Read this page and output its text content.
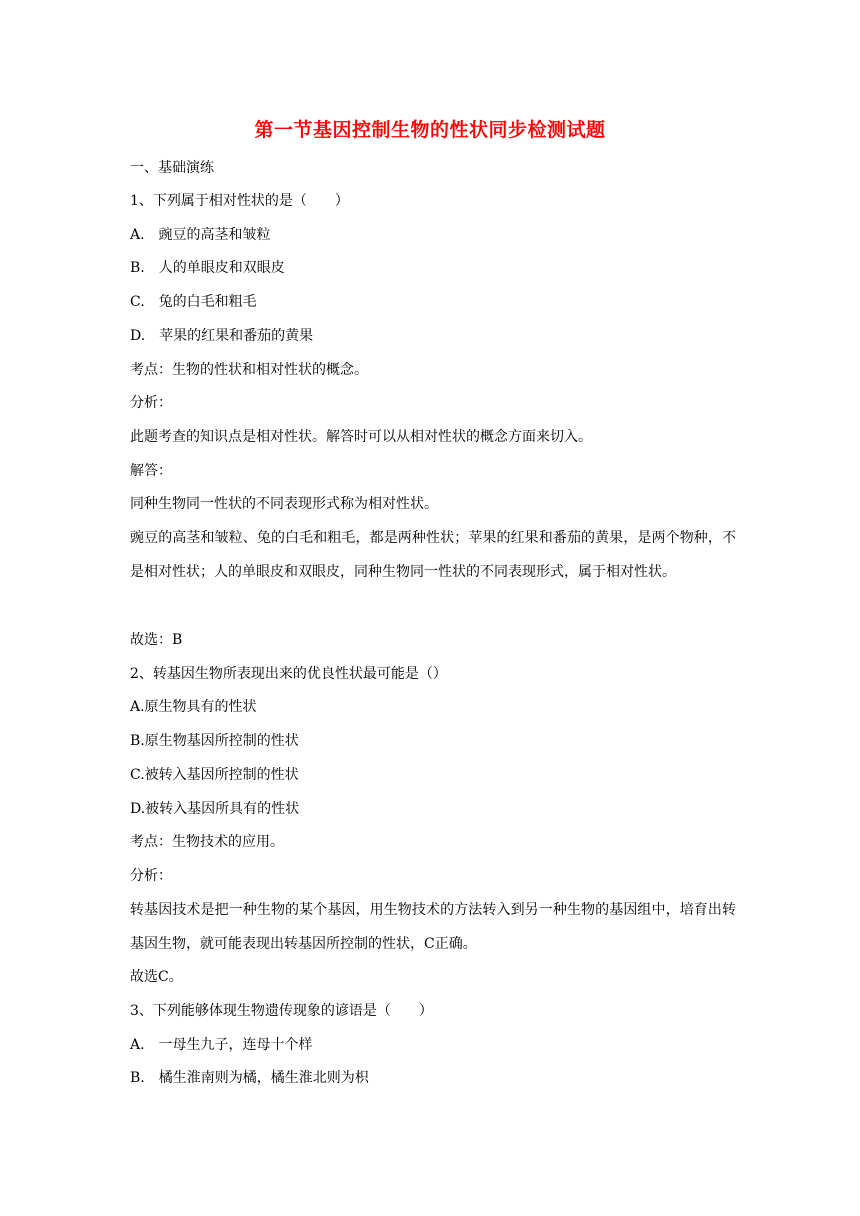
第一节基因控制生物的性状同步检测试题
一、基础演练
1、下列属于相对性状的是（　　）
A.　豌豆的高茎和皱粒
B.　人的单眼皮和双眼皮
C.　兔的白毛和粗毛
D.　苹果的红果和番茄的黄果
考点：生物的性状和相对性状的概念。
分析：
此题考查的知识点是相对性状。解答时可以从相对性状的概念方面来切入。
解答：
同种生物同一性状的不同表现形式称为相对性状。
豌豆的高茎和皱粒、兔的白毛和粗毛，都是两种性状；苹果的红果和番茄的黄果，是两个物种，不是相对性状；人的单眼皮和双眼皮，同种生物同一性状的不同表现形式，属于相对性状。
故选：B
2、转基因生物所表现出来的优良性状最可能是（）
A.原生物具有的性状
B.原生物基因所控制的性状
C.被转入基因所控制的性状
D.被转入基因所具有的性状
考点：生物技术的应用。
分析：
转基因技术是把一种生物的某个基因，用生物技术的方法转入到另一种生物的基因组中，培育出转基因生物，就可能表现出转基因所控制的性状，C正确。
故选C。
3、下列能够体现生物遗传现象的谚语是（　　）
A.　一母生九子，连母十个样
B.　橘生淮南则为橘，橘生淮北则为枳
